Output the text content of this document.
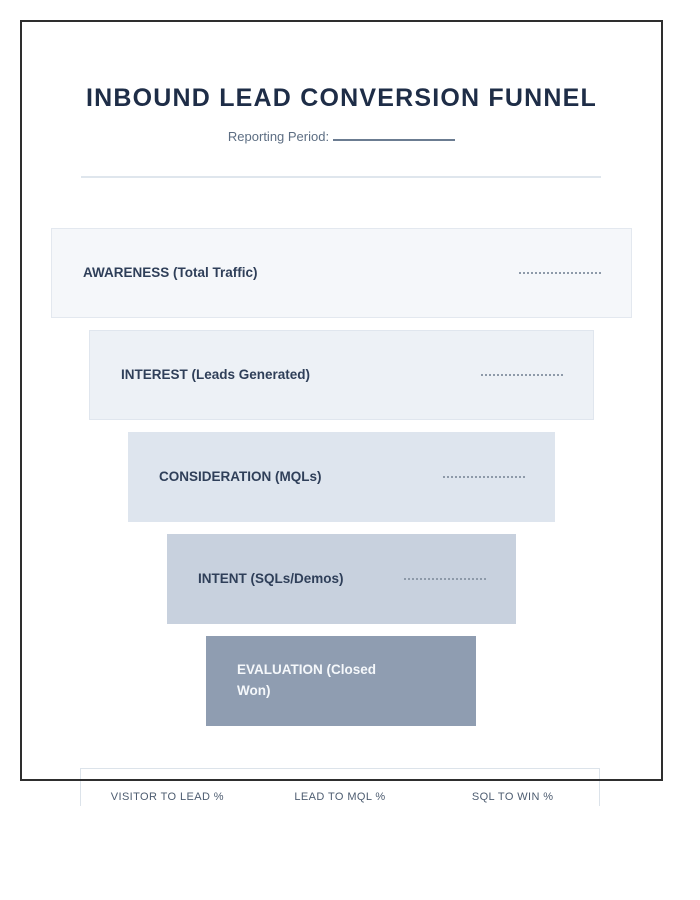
INBOUND LEAD CONVERSION FUNNEL
Reporting Period:
AWARENESS (Total Traffic)
INTEREST (Leads Generated)
CONSIDERATION (MQLs)
INTENT (SQLs/Demos)
EVALUATION (Closed Won)
VISITOR TO LEAD %	LEAD TO MQL %	SQL TO WIN %
